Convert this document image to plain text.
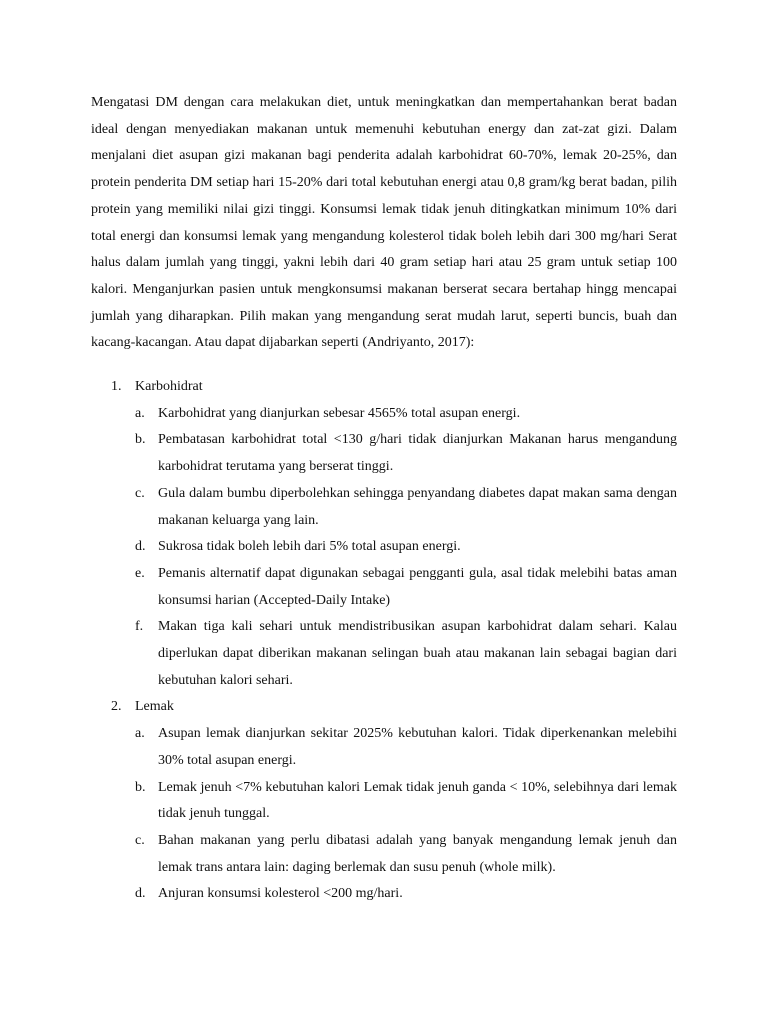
Mengatasi DM dengan cara melakukan diet, untuk meningkatkan dan mempertahankan berat badan ideal dengan menyediakan makanan untuk memenuhi kebutuhan energy dan zat-zat gizi. Dalam menjalani diet asupan gizi makanan bagi penderita adalah karbohidrat 60-70%, lemak 20-25%, dan protein penderita DM setiap hari 15-20% dari total kebutuhan energi atau 0,8 gram/kg berat badan, pilih protein yang memiliki nilai gizi tinggi. Konsumsi lemak tidak jenuh ditingkatkan minimum 10% dari total energi dan konsumsi lemak yang mengandung kolesterol tidak boleh lebih dari 300 mg/hari Serat halus dalam jumlah yang tinggi, yakni lebih dari 40 gram setiap hari atau 25 gram untuk setiap 100 kalori. Menganjurkan pasien untuk mengkonsumsi makanan berserat secara bertahap hingg mencapai jumlah yang diharapkan. Pilih makan yang mengandung serat mudah larut, seperti buncis, buah dan kacang-kacangan. Atau dapat dijabarkan seperti (Andriyanto, 2017):

1. Karbohidrat
a. Karbohidrat yang dianjurkan sebesar 4565% total asupan energi.
b. Pembatasan karbohidrat total <130 g/hari tidak dianjurkan Makanan harus mengandung karbohidrat terutama yang berserat tinggi.
c. Gula dalam bumbu diperbolehkan sehingga penyandang diabetes dapat makan sama dengan makanan keluarga yang lain.
d. Sukrosa tidak boleh lebih dari 5% total asupan energi.
e. Pemanis alternatif dapat digunakan sebagai pengganti gula, asal tidak melebihi batas aman konsumsi harian (Accepted-Daily Intake)
f. Makan tiga kali sehari untuk mendistribusikan asupan karbohidrat dalam sehari. Kalau diperlukan dapat diberikan makanan selingan buah atau makanan lain sebagai bagian dari kebutuhan kalori sehari.
2. Lemak
a. Asupan lemak dianjurkan sekitar 2025% kebutuhan kalori. Tidak diperkenankan melebihi 30% total asupan energi.
b. Lemak jenuh <7% kebutuhan kalori Lemak tidak jenuh ganda < 10%, selebihnya dari lemak tidak jenuh tunggal.
c. Bahan makanan yang perlu dibatasi adalah yang banyak mengandung lemak jenuh dan lemak trans antara lain: daging berlemak dan susu penuh (whole milk).
d. Anjuran konsumsi kolesterol <200 mg/hari.
